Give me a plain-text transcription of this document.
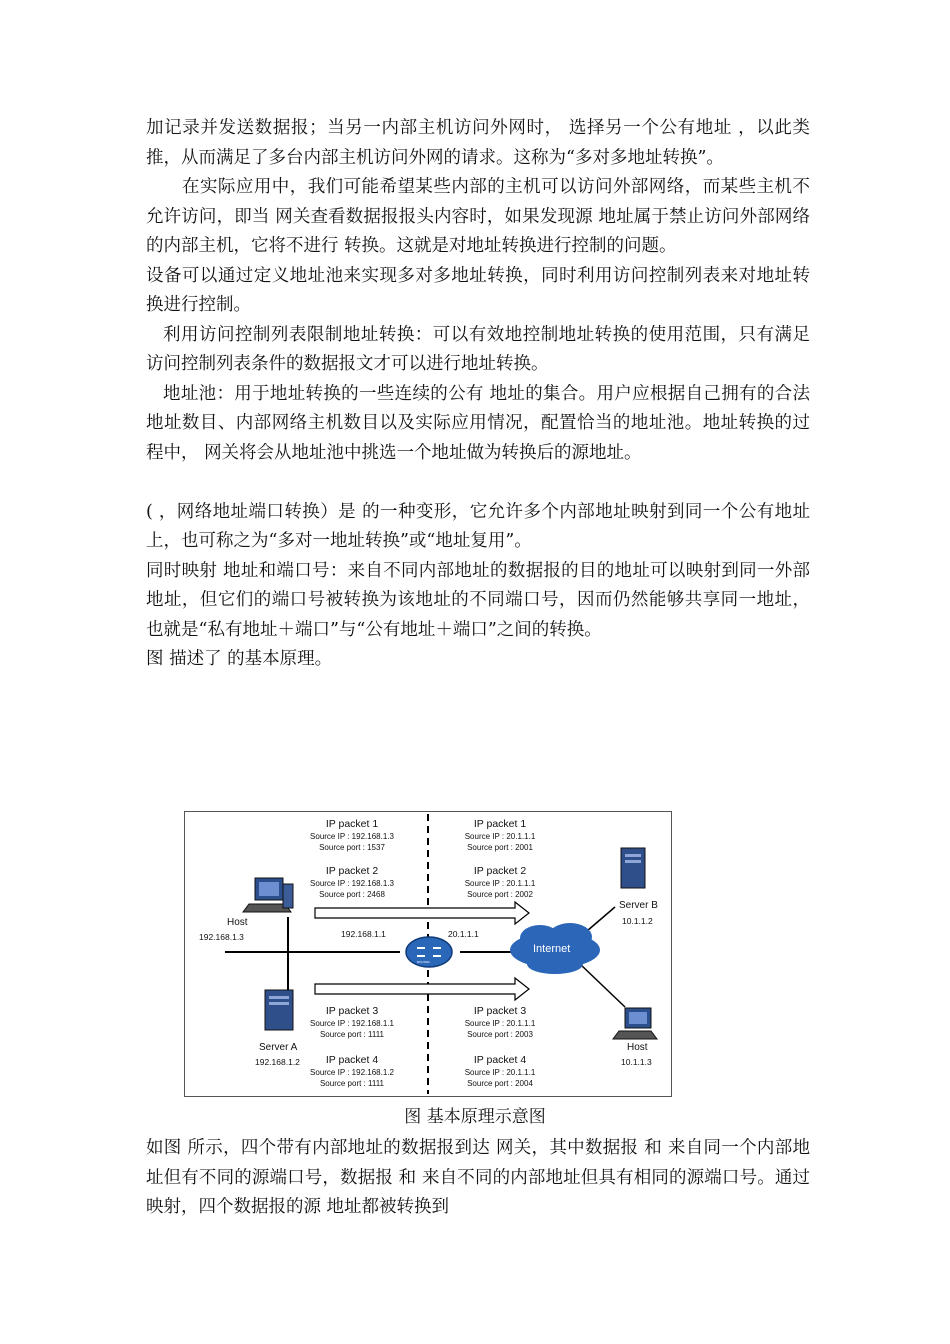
加记录并发送数据报；当另一内部主机访问外网时， 选择另一个公有地址 ，以此类推，从而满足了多台内部主机访问外网的请求。这称为“多对多地址转换”。

在实际应用中，我们可能希望某些内部的主机可以访问外部网络，而某些主机不允许访问，即当 网关查看数据报报头内容时，如果发现源 地址属于禁止访问外部网络的内部主机，它将不进行 转换。这就是对地址转换进行控制的问题。

设备可以通过定义地址池来实现多对多地址转换，同时利用访问控制列表来对地址转换进行控制。

利用访问控制列表限制地址转换：可以有效地控制地址转换的使用范围，只有满足访问控制列表条件的数据报文才可以进行地址转换。

地址池：用于地址转换的一些连续的公有 地址的集合。用户应根据自己拥有的合法 地址数目、内部网络主机数目以及实际应用情况，配置恰当的地址池。地址转换的过程中， 网关将会从地址池中挑选一个地址做为转换后的源地址。

( ，网络地址端口转换）是 的一种变形，它允许多个内部地址映射到同一个公有地址上，也可称之为“多对一地址转换”或“地址复用”。

同时映射 地址和端口号：来自不同内部地址的数据报的目的地址可以映射到同一外部地址，但它们的端口号被转换为该地址的不同端口号，因而仍然能够共享同一地址，也就是“私有地址＋端口”与“公有地址＋端口”之间的转换。

图 描述了 的基本原理。

IP packet 1
Source IP : 192.168.1.3
Source port : 1537
IP packet 2
Source IP : 192.168.1.3
Source port : 2468
IP packet 3
Source IP : 192.168.1.1
Source port : 1111
IP packet 4
Source IP : 192.168.1.2
Source port : 1111
IP packet 1
Source IP : 20.1.1.1
Source port : 2001
IP packet 2
Source IP : 20.1.1.1
Source port : 2002
IP packet 3
Source IP : 20.1.1.1
Source port : 2003
IP packet 4
Source IP : 20.1.1.1
Source port : 2004
Host
192.168.1.3	192.168.1.1	20.1.1.1
ROUTER
Internet
Server B
10.1.1.2
Server A
192.168.1.2
Host
10.1.1.3
图 基本原理示意图

如图 所示，四个带有内部地址的数据报到达 网关，其中数据报 和 来自同一个内部地址但有不同的源端口号，数据报 和 来自不同的内部地址但具有相同的源端口号。通过 映射，四个数据报的源 地址都被转换到
